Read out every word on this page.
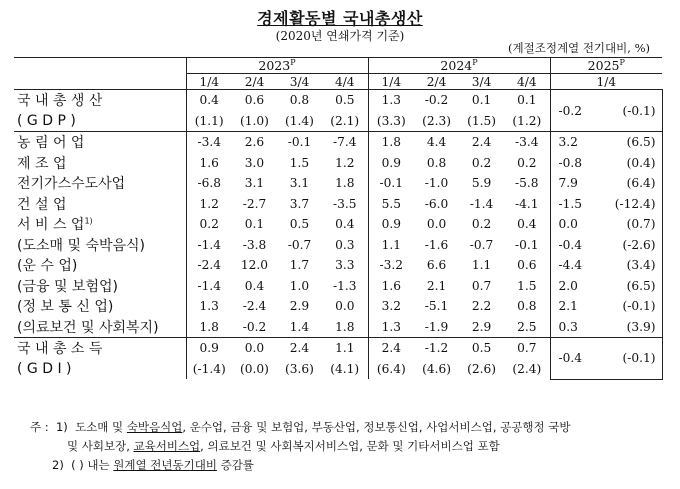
경제활동별 국내총생산
(2020년 연쇄가격 기준)
(계절조정계열 전기대비, %)
	$2023^P$				$2024^P$				$2025^P$
	1/4	2/4	3/4	4/4	1/4	2/4	3/4	4/4	1/4
국 내 총 생 산	0.4	0.6	0.8	0.5	1.3	-0.2	0.1	0.1	-0.2 (-0.1)

( G D P )	(1.1)	(1.0)	(1.4)	(2.1)	(3.3)	(2.3)	(1.5)	(1.2)	
농 림 어 업	-3.4	2.6	-0.1	-7.4	1.8	4.4	2.4	-3.4	3.2 (6.5)

제 조 업	1.6	3.0	1.5	1.2	0.9	0.8	0.2	0.2	-0.8 (0.4)

전기가스수도사업	-6.8	3.1	3.1	1.8	-0.1	-1.0	5.9	-5.8	7.9 (6.4)

건 설 업	1.2	-2.7	3.7	-3.5	5.5	-6.0	-1.4	-4.1	-1.5 (-12.4)

서 비 스 업$^{1)}$	0.2	0.1	0.5	0.4	0.9	0.0	0.2	0.4	0.0 (0.7)

(도소매 및 숙박음식)	-1.4	-3.8	-0.7	0.3	1.1	-1.6	-0.7	-0.1	-0.4 (-2.6)

(운 수 업)	-2.4	12.0	1.7	3.3	-3.2	6.6	1.1	0.6	-4.4 (3.4)

(금융 및 보험업)	-1.4	0.4	1.0	-1.3	1.6	2.1	0.7	1.5	2.0 (6.5)

(정 보 통 신 업)	1.3	-2.4	2.9	0.0	3.2	-5.1	2.2	0.8	2.1 (-0.1)

(의료보건 및 사회복지)	1.8	-0.2	1.4	1.8	1.3	-1.9	2.9	2.5	0.3 (3.9)

국 내 총 소 득	0.9	0.0	2.4	1.1	2.4	-1.2	0.5	0.7	-0.4 (-0.1)

( G D I )	(-1.4)	(0.0)	(3.6)	(4.1)	(6.4)	(4.6)	(2.6)	(2.4)	
주 : 1) 도소매 및 숙박음식업, 운수업, 금융 및 보험업, 부동산업, 정보통신업, 사업서비스업, 공공행정 국방
및 사회보장, 교육서비스업, 의료보건 및 사회복지서비스업, 문화 및 기타서비스업 포함
2) ( ) 내는 원계열 전년동기대비 증감률
